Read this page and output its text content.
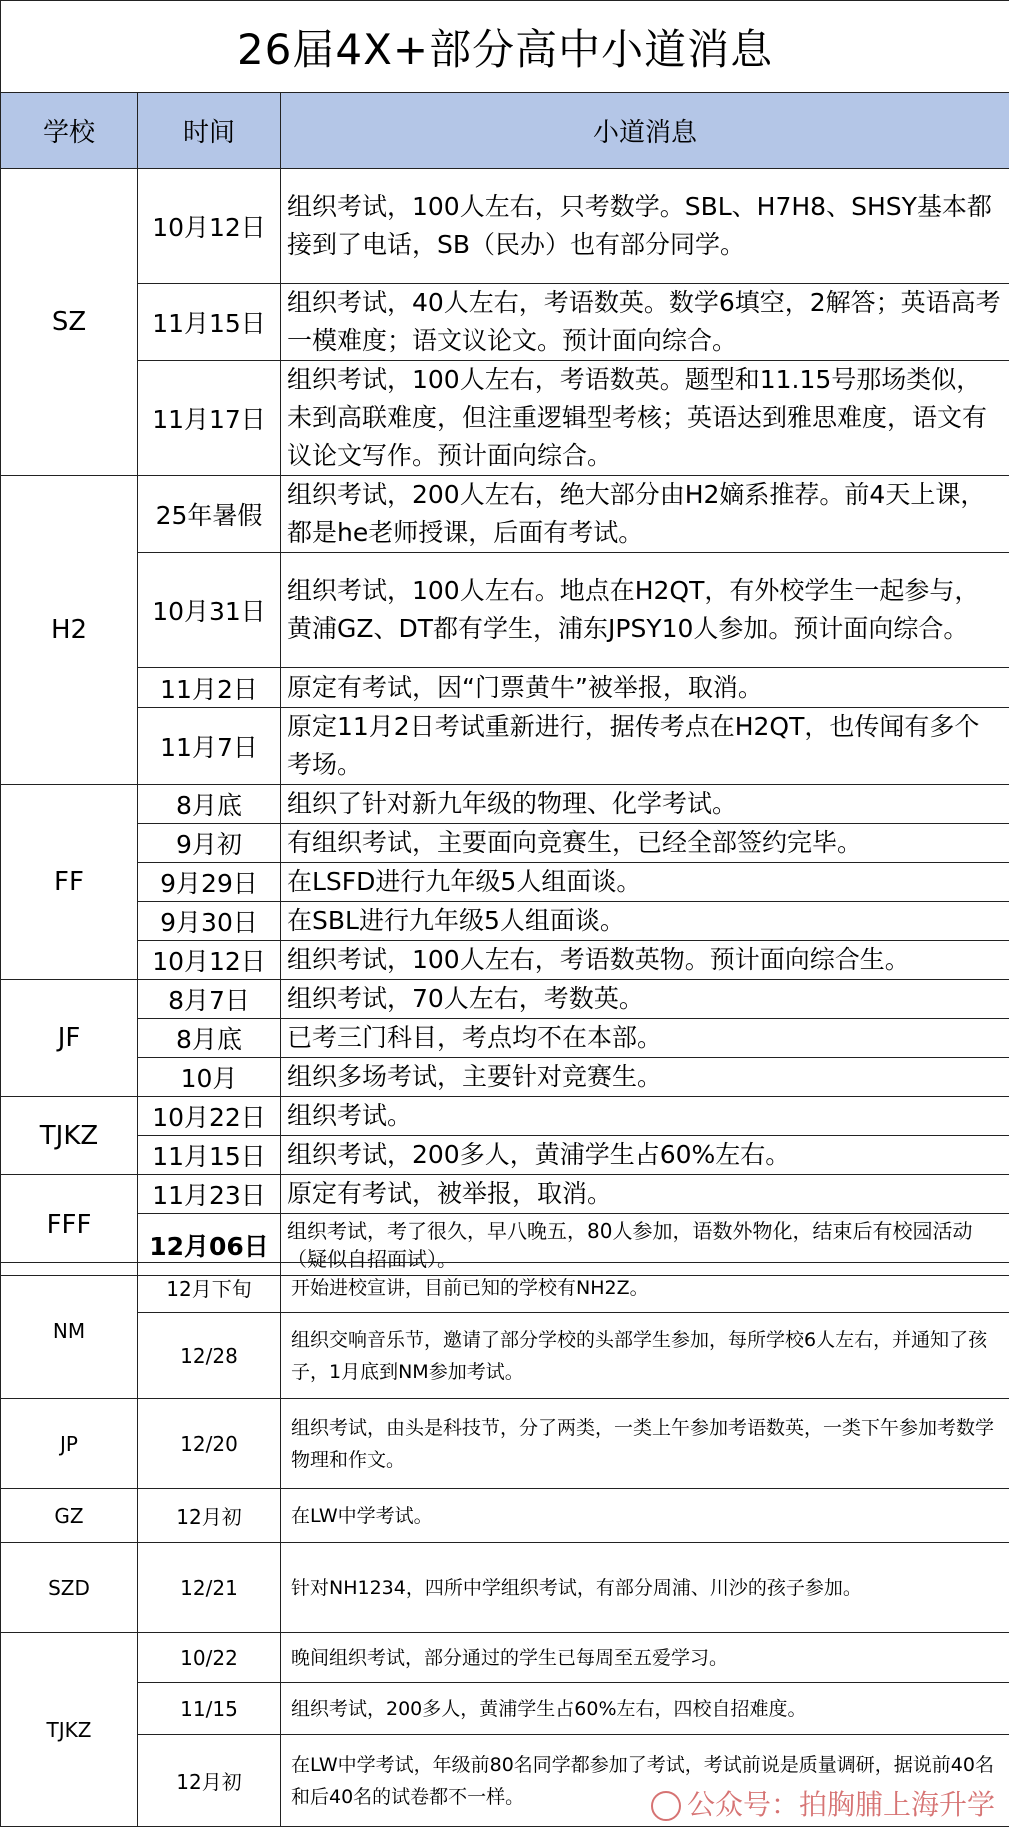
26届4X+部分高中小道消息		
学校	时间	小道消息
SZ	10月12日	组织考试，100人左右，只考数学。SBL、H7H8、SHSY基本都接到了电话，SB（民办）也有部分同学。
	11月15日	组织考试，40人左右，考语数英。数学6填空，2解答；英语高考一模难度；语文议论文。预计面向综合。
	11月17日	组织考试，100人左右，考语数英。题型和11.15号那场类似，未到高联难度，但注重逻辑型考核；英语达到雅思难度，语文有议论文写作。预计面向综合。
H2	25年暑假	组织考试，200人左右，绝大部分由H2嫡系推荐。前4天上课，都是he老师授课，后面有考试。
	10月31日	组织考试，100人左右。地点在H2QT，有外校学生一起参与，黄浦GZ、DT都有学生，浦东JPSY10人参加。预计面向综合。
	11月2日	原定有考试，因“门票黄牛”被举报，取消。
	11月7日	原定11月2日考试重新进行，据传考点在H2QT，也传闻有多个考场。
FF	8月底	组织了针对新九年级的物理、化学考试。
	9月初	有组织考试，主要面向竞赛生，已经全部签约完毕。
	9月29日	在LSFD进行九年级5人组面谈。
	9月30日	在SBL进行九年级5人组面谈。
	10月12日	组织考试，100人左右，考语数英物。预计面向综合生。
JF	8月7日	组织考试，70人左右，考数英。
	8月底	已考三门科目，考点均不在本部。
	10月	组织多场考试，主要针对竞赛生。
TJKZ	10月22日	组织考试。
	11月15日	组织考试，200多人，黄浦学生占60%左右。
FFF	11月23日	原定有考试，被举报，取消。
	12月06日	组织考试，考了很久，早八晚五，80人参加，语数外物化，结束后有校园活动（疑似自招面试）。
NM	12月下旬	开始进校宣讲，目前已知的学校有NH2Z。
	12/28	组织交响音乐节，邀请了部分学校的头部学生参加，每所学校6人左右，并通知了孩子，1月底到NM参加考试。
JP	12/20	组织考试，由头是科技节，分了两类，一类上午参加考语数英，一类下午参加考数学物理和作文。
GZ	12月初	在LW中学考试。
SZD	12/21	针对NH1234，四所中学组织考试，有部分周浦、川沙的孩子参加。
TJKZ	10/22	晚间组织考试，部分通过的学生已每周至五爱学习。
	11/15	组织考试，200多人，黄浦学生占60%左右，四校自招难度。
	12月初	在LW中学考试，年级前80名同学都参加了考试，考试前说是质量调研，据说前40名和后40名的试卷都不一样。	公众号：拍胸脯上海升学
